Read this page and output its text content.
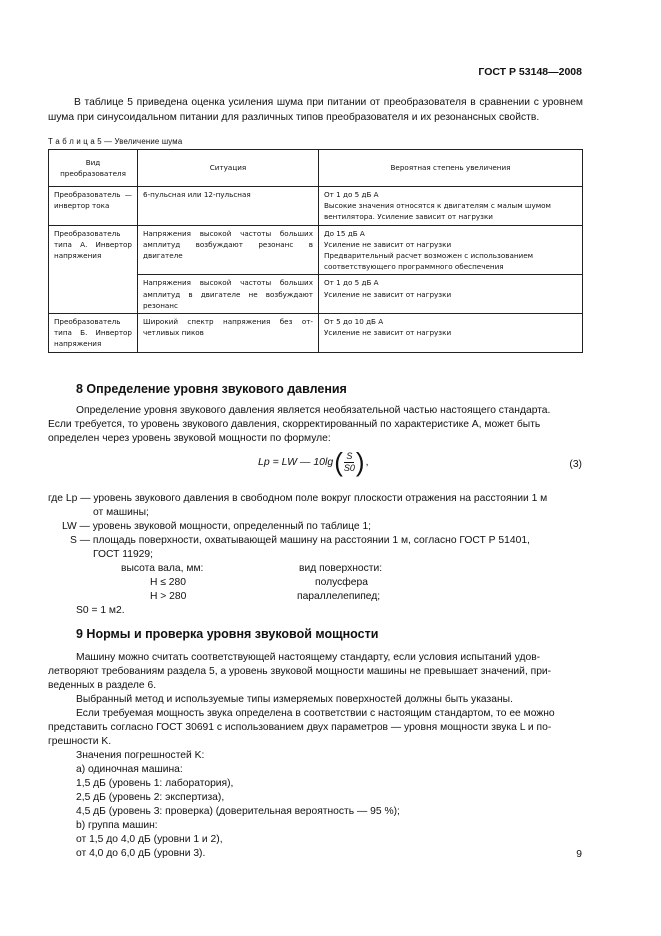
ГОСТ Р 53148—2008
В таблице 5 приведена оценка усиления шума при питании от преобразователя в сравнении с уровнем шума при синусоидальном питании для различных типов преобразователя и их резонансных свойств.
Т а б л и ц а 5 — Увеличение шума
Вид преобразователя	Ситуация	Вероятная степень увеличения
Преобразователь — инвертор тока	6-пульсная или 12-пульсная	От 1 до 5 дБ А
Высокие значения относятся к двигателям с малым шумом вентилятора. Усиление зависит от нагрузки

Преобразователь типа А. Инвертор напряжения	Напряжения высокой частоты больших амплитуд возбуждают резонанс в двигателе	До 15 дБ А
Усиление не зависит от нагрузки
Предварительный расчет возможен с использованием соответствующего программного обеспечения

	Напряжения высокой частоты больших амплитуд в двигателе не возбуждают резонанс	От 1 до 5 дБ А
Усиление не зависит от нагрузки

Преобразователь типа Б. Инвертор напряжения	Широкий спектр напряжения без отчетливых пиков	От 5 до 10 дБ А
Усиление не зависит от нагрузки
8 Определение уровня звукового давления
Определение уровня звукового давления является необязательной частью настоящего стандарта.
Если требуется, то уровень звукового давления, скорректированный по характеристике А, может быть
определен через уровень звуковой мощности по формуле:
Lp = LW — 10lg ( $\frac{S}{S0}$ ) ,	(3)
где Lp — уровень звукового давления в свободном поле вокруг плоскости отражения на расстоянии 1 м
от машины;
LW — уровень звуковой мощности, определенный по таблице 1;
S — площадь поверхности, охватывающей машину на расстоянии 1 м, согласно ГОСТ Р 51401,
ГОСТ 11929;
высота вала, мм:	вид поверхности:
H ≤ 280	полусфера
H > 280	параллелепипед;
S0 = 1 м2.
9 Нормы и проверка уровня звуковой мощности
Машину можно считать соответствующей настоящему стандарту, если условия испытаний удов-
летворяют требованиям раздела 5, а уровень звуковой мощности машины не превышает значений, при-
веденных в разделе 6.
Выбранный метод и используемые типы измеряемых поверхностей должны быть указаны.
Если требуемая мощность звука определена в соответствии с настоящим стандартом, то ее можно
представить согласно ГОСТ 30691 с использованием двух параметров — уровня мощности звука L и по-
грешности K.
Значения погрешностей K:
а) одиночная машина:
1,5 дБ (уровень 1: лаборатория),
2,5 дБ (уровень 2: экспертиза),
4,5 дБ (уровень 3: проверка) (доверительная вероятность — 95 %);
b) группа машин:
от 1,5 до 4,0 дБ (уровни 1 и 2),
от 4,0 до 6,0 дБ (уровни 3).	9
